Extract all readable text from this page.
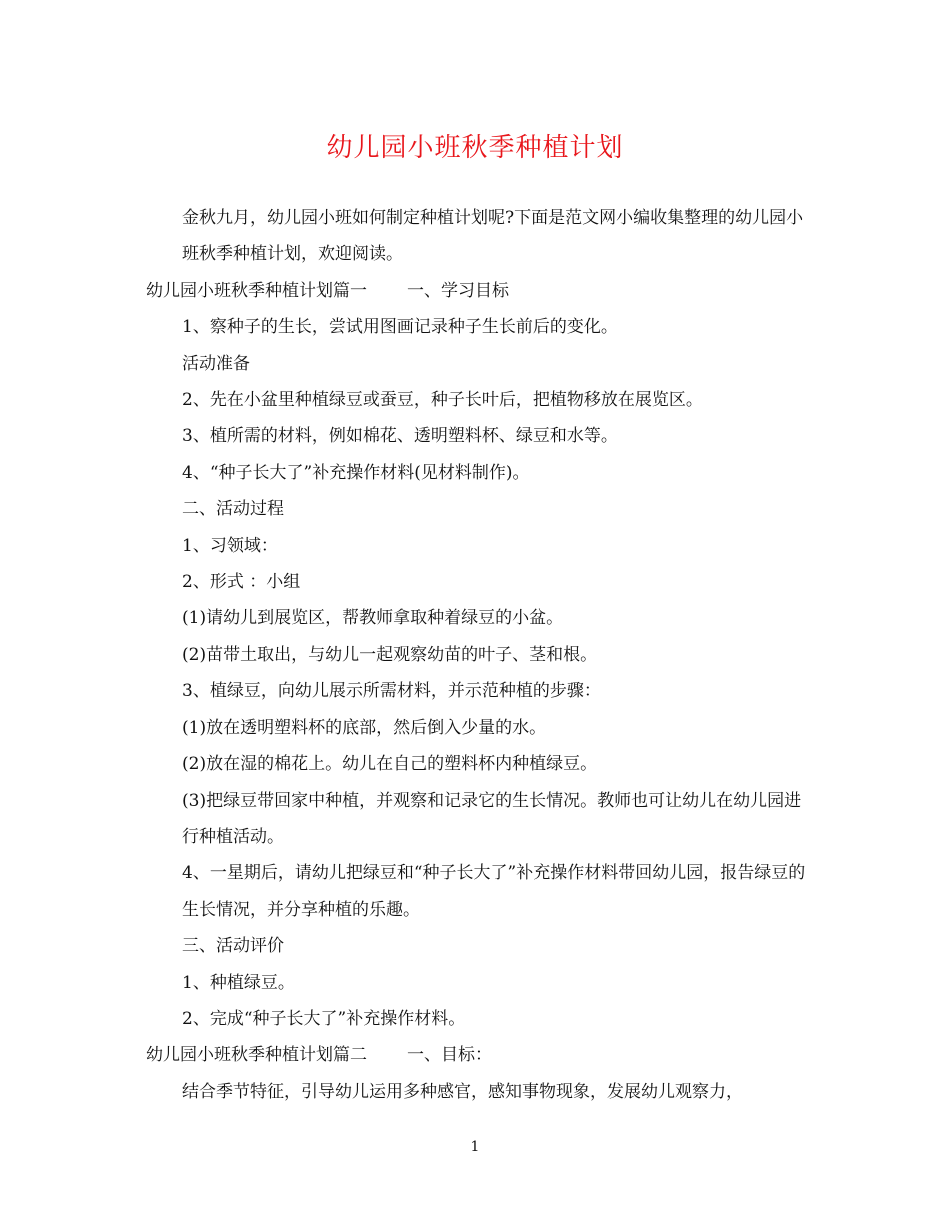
幼儿园小班秋季种植计划

金秋九月，幼儿园小班如何制定种植计划呢?下面是范文网小编收集整理的幼儿园小班秋季种植计划，欢迎阅读。

幼儿园小班秋季种植计划篇一 一、学习目标

1、察种子的生长，尝试用图画记录种子生长前后的变化。

活动准备

2、先在小盆里种植绿豆或蚕豆，种子长叶后，把植物移放在展览区。

3、植所需的材料，例如棉花、透明塑料杯、绿豆和水等。

4、“种子长大了”补充操作材料(见材料制作)。

二、活动过程

1、习领域：

2、形式 ：小组

(1)请幼儿到展览区，帮教师拿取种着绿豆的小盆。

(2)苗带土取出，与幼儿一起观察幼苗的叶子、茎和根。

3、植绿豆，向幼儿展示所需材料，并示范种植的步骤：

(1)放在透明塑料杯的底部，然后倒入少量的水。

(2)放在湿的棉花上。幼儿在自己的塑料杯内种植绿豆。

(3)把绿豆带回家中种植，并观察和记录它的生长情况。教师也可让幼儿在幼儿园进行种植活动。

4、一星期后，请幼儿把绿豆和“种子长大了”补充操作材料带回幼儿园，报告绿豆的生长情况，并分享种植的乐趣。

三、活动评价

1、种植绿豆。

2、完成“种子长大了”补充操作材料。

幼儿园小班秋季种植计划篇二 一、目标：

结合季节特征，引导幼儿运用多种感官，感知事物现象，发展幼儿观察力，

1
